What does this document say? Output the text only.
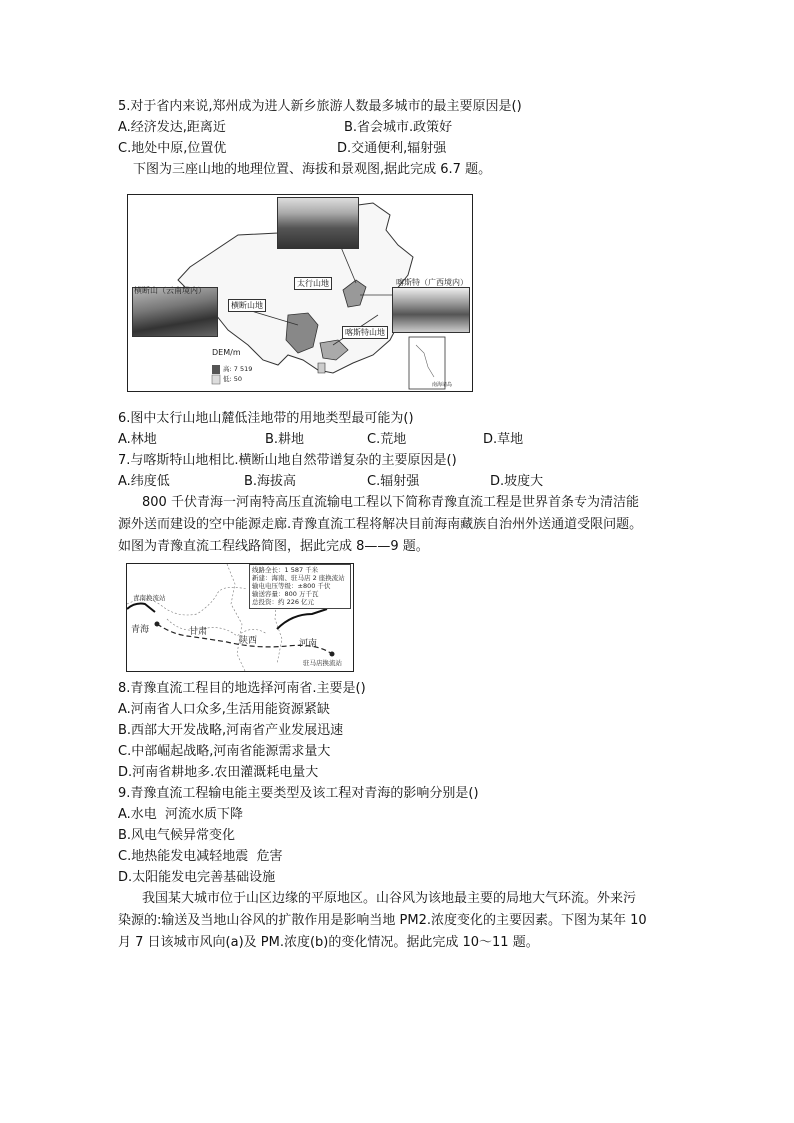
5.对于省内来说,郑州成为进人新乡旅游人数最多城市的最主要原因是()
A.经济发达,距离近	B.省会城市.政策好
C.地处中原,位置优	D.交通便利,辐射强
下图为三座山地的地理位置、海拔和景观图,据此完成 6.7 题。
横断山（云南境内）
喀斯特（广西境内）
太行山地
横断山地
喀斯特山地
DEM/m
高: 7 519
低: 50
南海诸岛
6.图中太行山地山麓低洼地带的用地类型最可能为()
A.林地	B.耕地	C.荒地	D.草地
7.与喀斯特山地相比.横断山地自然带谱复杂的主要原因是()
A.纬度低	B.海拔高	C.辐射强	D.坡度大
800 千伏青海一河南特高压直流输电工程以下简称青豫直流工程是世界首条专为清洁能
源外送而建设的空中能源走廊.青豫直流工程将解决目前海南藏族自治州外送通道受限问题。
如图为青豫直流工程线路简图，据此完成 8——9 题。
线路全长：1 587 千米
新建：海南、驻马店 2 座换流站
输电电压等级：±800 千伏
输送容量：800 万千瓦
总投资：约 226 亿元
青南换流站
驻马店换流站
青海	甘肃
陕西	河南
8.青豫直流工程目的地选择河南省.主要是()
A.河南省人口众多,生活用能资源紧缺
B.西部大开发战略,河南省产业发展迅速
C.中部崛起战略,河南省能源需求量大
D.河南省耕地多.农田灌溉耗电量大
9.青豫直流工程输电能主要类型及该工程对青海的影响分别是()
A.水电  河流水质下降
B.风电气候异常变化
C.地热能发电减轻地震  危害
D.太阳能发电完善基础设施
我国某大城市位于山区边缘的平原地区。山谷风为该地最主要的局地大气环流。外来污
染源的:输送及当地山谷风的扩散作用是影响当地 PM2.浓度变化的主要因素。下图为某年 10
月 7 日该城市风向(a)及 PM.浓度(b)的变化情况。据此完成 10～11 题。
